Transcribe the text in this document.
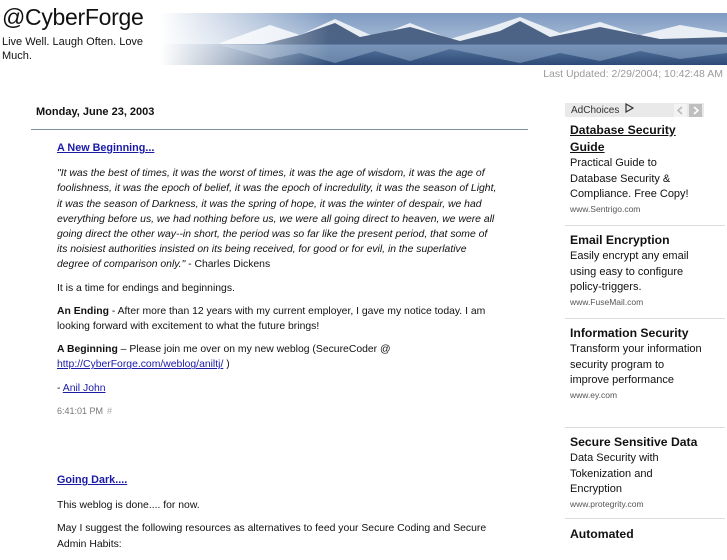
@CyberForge
Live Well. Laugh Often. Love Much.
Last Updated: 2/29/2004; 10:42:48 AM
Monday, June 23, 2003

A New Beginning...

"It was the best of times, it was the worst of times, it was the age of wisdom, it was the age of foolishness, it was the epoch of belief, it was the epoch of incredulity, it was the season of Light, it was the season of Darkness, it was the spring of hope, it was the winter of despair, we had everything before us, we had nothing before us, we were all going direct to heaven, we were all going direct the other way--in short, the period was so far like the present period, that some of its noisiest authorities insisted on its being received, for good or for evil, in the superlative degree of comparison only." - Charles Dickens

It is a time for endings and beginnings.

An Ending - After more than 12 years with my current employer, I gave my notice today. I am looking forward with excitement to what the future brings!

A Beginning – Please join me over on my new weblog (SecureCoder @ http://CyberForge.com/weblog/aniltj/ )

- Anil John

6:41:01 PM #

Going Dark....

This weblog is done.... for now.

May I suggest the following resources as alternatives to feed your Secure Coding and Secure Admin Habits:

AdChoices
Database Security Guide
Practical Guide to Database Security & Compliance. Free Copy!
www.Sentrigo.com
Email Encryption
Easily encrypt any email using easy to configure policy-triggers.
www.FuseMail.com
Information Security
Transform your information security program to improve performance
www.ey.com
Secure Sensitive Data
Data Security with Tokenization and Encryption
www.protegrity.com
Automated
